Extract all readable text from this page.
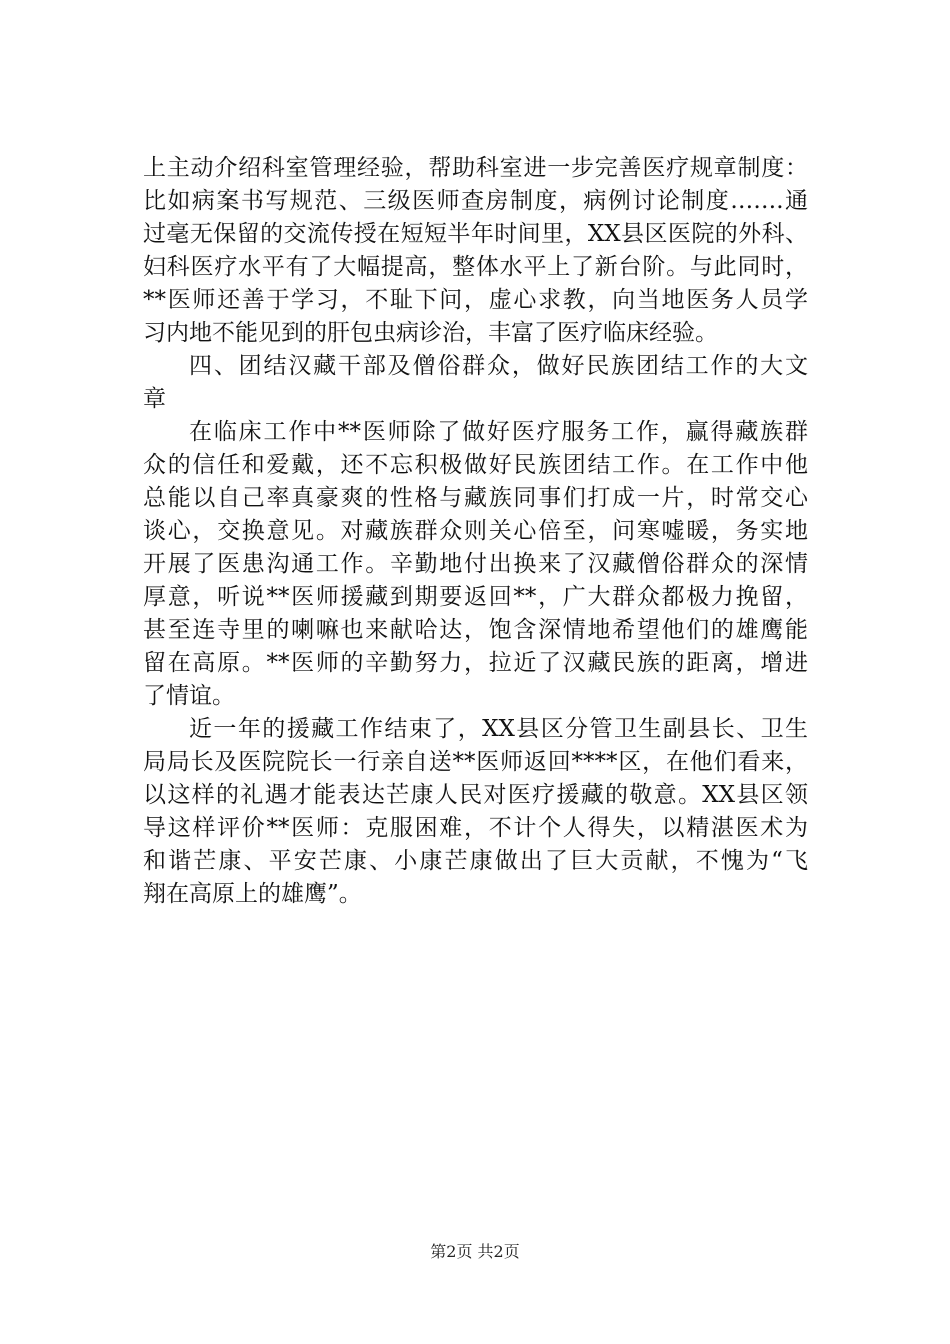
上主动介绍科室管理经验，帮助科室进一步完善医疗规章制度：
比如病案书写规范、三级医师查房制度，病例讨论制度…….通
过毫无保留的交流传授在短短半年时间里，XX县区医院的外科、
妇科医疗水平有了大幅提高，整体水平上了新台阶。与此同时，
**医师还善于学习，不耻下问，虚心求教，向当地医务人员学
习内地不能见到的肝包虫病诊治，丰富了医疗临床经验。
四、团结汉藏干部及僧俗群众，做好民族团结工作的大文
章
在临床工作中**医师除了做好医疗服务工作，赢得藏族群
众的信任和爱戴，还不忘积极做好民族团结工作。在工作中他
总能以自己率真豪爽的性格与藏族同事们打成一片，时常交心
谈心，交换意见。对藏族群众则关心倍至，问寒嘘暖，务实地
开展了医患沟通工作。辛勤地付出换来了汉藏僧俗群众的深情
厚意，听说**医师援藏到期要返回**，广大群众都极力挽留，
甚至连寺里的喇嘛也来献哈达，饱含深情地希望他们的雄鹰能
留在高原。**医师的辛勤努力，拉近了汉藏民族的距离，增进
了情谊。
近一年的援藏工作结束了，XX县区分管卫生副县长、卫生
局局长及医院院长一行亲自送**医师返回****区，在他们看来，
以这样的礼遇才能表达芒康人民对医疗援藏的敬意。XX县区领
导这样评价**医师：克服困难，不计个人得失，以精湛医术为
和谐芒康、平安芒康、小康芒康做出了巨大贡献，不愧为“飞
翔在高原上的雄鹰”。
第2页 共2页
